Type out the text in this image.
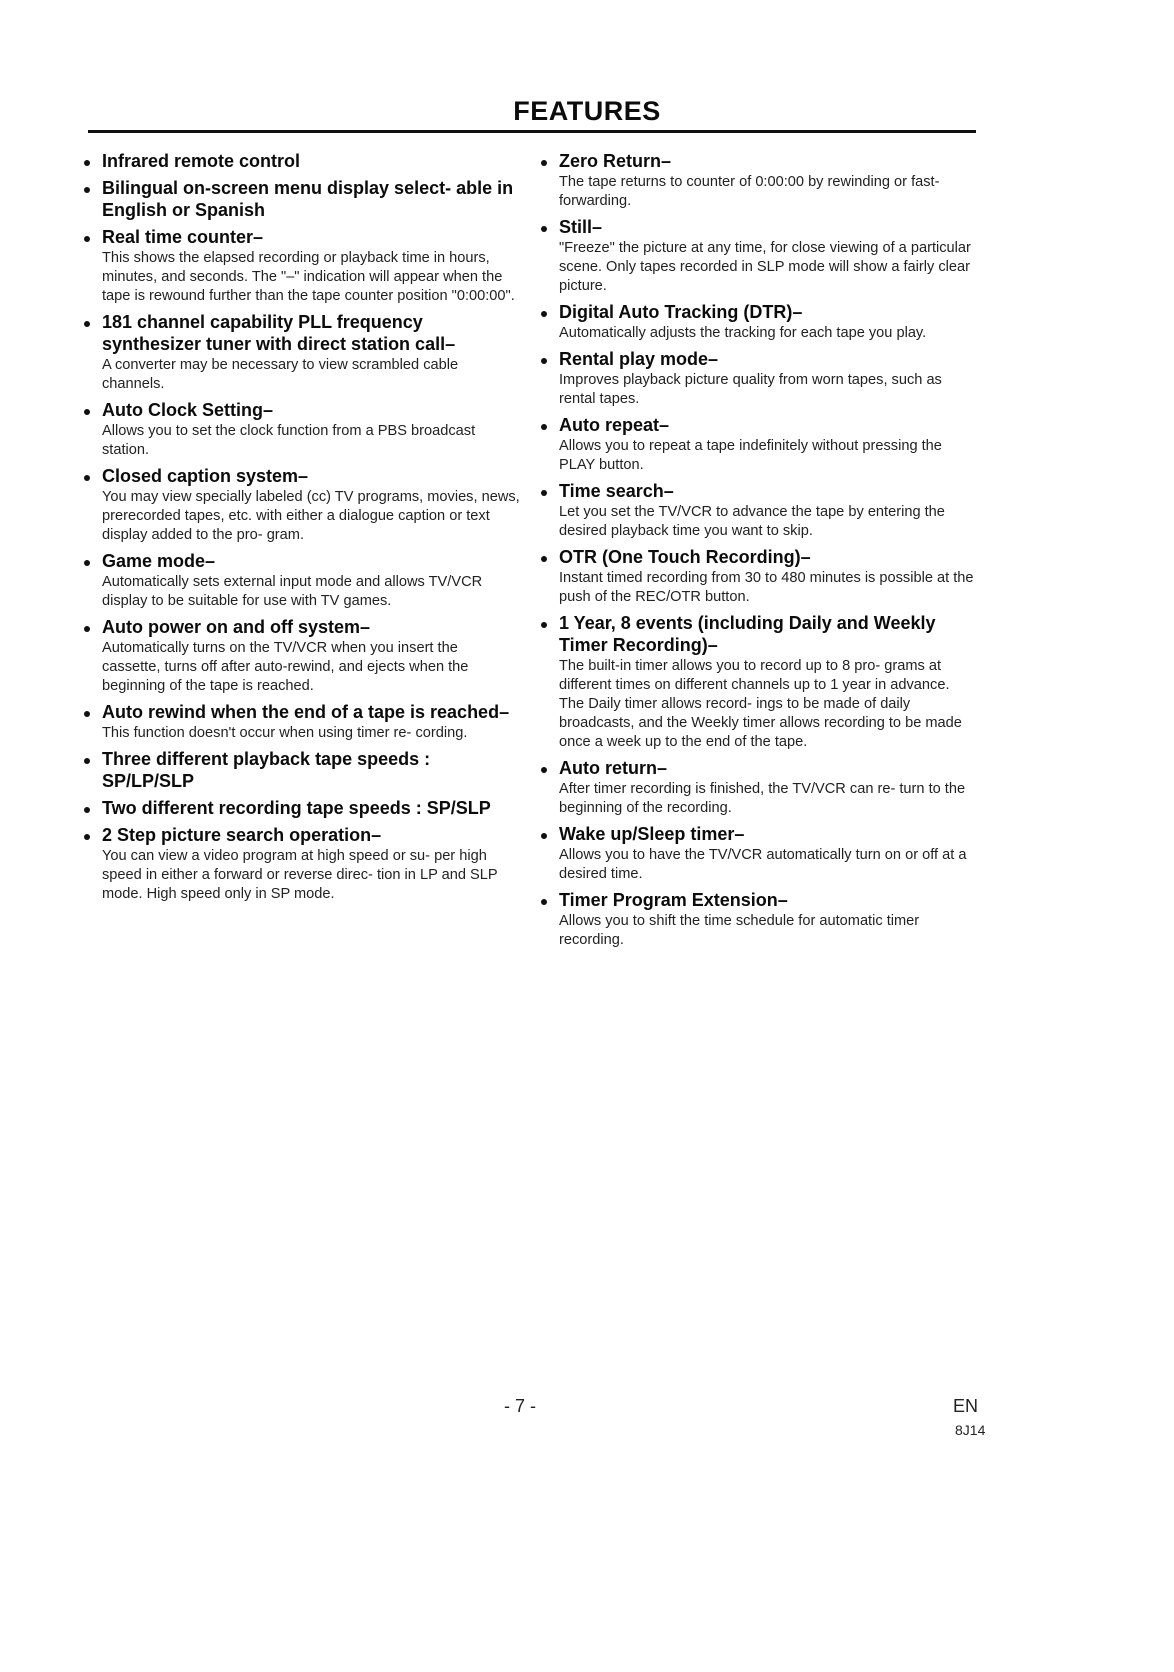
FEATURES
Infrared remote control
Bilingual on-screen menu display select- able in English or Spanish
Real time counter–
This shows the elapsed recording or playback time in hours, minutes, and seconds. The "–" indication will appear when the tape is rewound further than the tape counter position "0:00:00".
181 channel capability PLL frequency synthesizer tuner with direct station call–
A converter may be necessary to view scrambled cable channels.
Auto Clock Setting–
Allows you to set the clock function from a PBS broadcast station.
Closed caption system–
You may view specially labeled (cc) TV programs, movies, news, prerecorded tapes, etc. with either a dialogue caption or text display added to the pro- gram.
Game mode–
Automatically sets external input mode and allows TV/VCR display to be suitable for use with TV games.
Auto power on and off system–
Automatically turns on the TV/VCR when you insert the cassette, turns off after auto-rewind, and ejects when the beginning of the tape is reached.
Auto rewind when the end of a tape is reached–
This function doesn't occur when using timer re- cording.
Three different playback tape speeds : SP/LP/SLP
Two different recording tape speeds : SP/SLP
2 Step picture search operation–
You can view a video program at high speed or su- per high speed in either a forward or reverse direc- tion in LP and SLP mode. High speed only in SP mode.
Zero Return–
The tape returns to counter of 0:00:00 by rewinding or fast-forwarding.
Still–
"Freeze" the picture at any time, for close viewing of a particular scene. Only tapes recorded in SLP mode will show a fairly clear picture.
Digital Auto Tracking (DTR)–
Automatically adjusts the tracking for each tape you play.
Rental play mode–
Improves playback picture quality from worn tapes, such as rental tapes.
Auto repeat–
Allows you to repeat a tape indefinitely without pressing the PLAY button.
Time search–
Let you set the TV/VCR to advance the tape by entering the desired playback time you want to skip.
OTR (One Touch Recording)–
Instant timed recording from 30 to 480 minutes is possible at the push of the REC/OTR button.
1 Year, 8 events (including Daily and Weekly Timer Recording)–
The built-in timer allows you to record up to 8 pro- grams at different times on different channels up to 1 year in advance. The Daily timer allows record- ings to be made of daily broadcasts, and the Weekly timer allows recording to be made once a week up to the end of the tape.
Auto return–
After timer recording is finished, the TV/VCR can re- turn to the beginning of the recording.
Wake up/Sleep timer–
Allows you to have the TV/VCR automatically turn on or off at a desired time.
Timer Program Extension–
Allows you to shift the time schedule for automatic timer recording.
- 7 -	EN
8J14
